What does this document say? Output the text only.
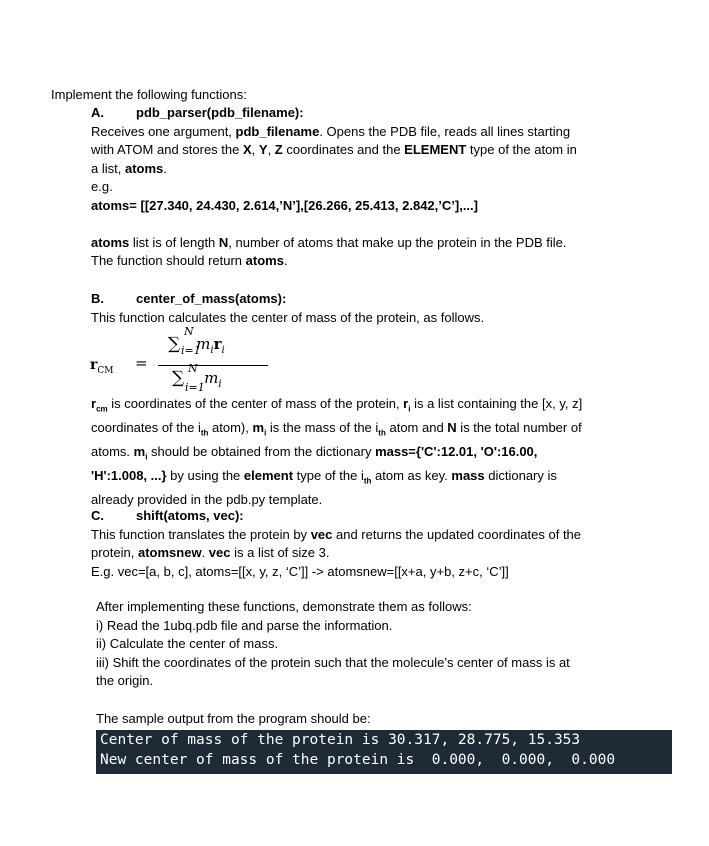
Implement the following functions:
A. pdb_parser(pdb_filename):
Receives one argument, pdb_filename. Opens the PDB file, reads all lines starting
with ATOM and stores the X, Y, Z coordinates and the ELEMENT type of the atom in
a list, atoms.
e.g.
atoms= [[27.340, 24.430, 2.614,’N’],[26.266, 25.413, 2.842,’C’],...]
atoms list is of length N, number of atoms that make up the protein in the PDB file.
The function should return atoms.
B. center_of_mass(atoms):
This function calculates the center of mass of the protein, as follows.
$r_{CM}$ =
∑ $m_ir_i$
N
i=1
∑ $m_i$
N
i=1
$r_{cm}$ is coordinates of the center of mass of the protein, $r_i$ is a list containing the [x, y, z]
coordinates of the $i_{th}$ atom), $m_i$ is the mass of the $i_{th}$ atom and N is the total number of
atoms. $m_i$ should be obtained from the dictionary mass={'C':12.01, 'O':16.00,
'H':1.008, ...} by using the element type of the $i_{th}$ atom as key. mass dictionary is
already provided in the pdb.py template.
C. shift(atoms, vec):
This function translates the protein by vec and returns the updated coordinates of the
protein, atomsnew. vec is a list of size 3.
E.g. vec=[a, b, c], atoms=[[x, y, z, ‘C’]] -> atomsnew=[[x+a, y+b, z+c, ‘C’]]
After implementing these functions, demonstrate them as follows:
i) Read the 1ubq.pdb file and parse the information.
ii) Calculate the center of mass.
iii) Shift the coordinates of the protein such that the molecule’s center of mass is at
the origin.
The sample output from the program should be:
Center of mass of the protein is 30.317, 28.775, 15.353
New center of mass of the protein is  0.000,  0.000,  0.000
